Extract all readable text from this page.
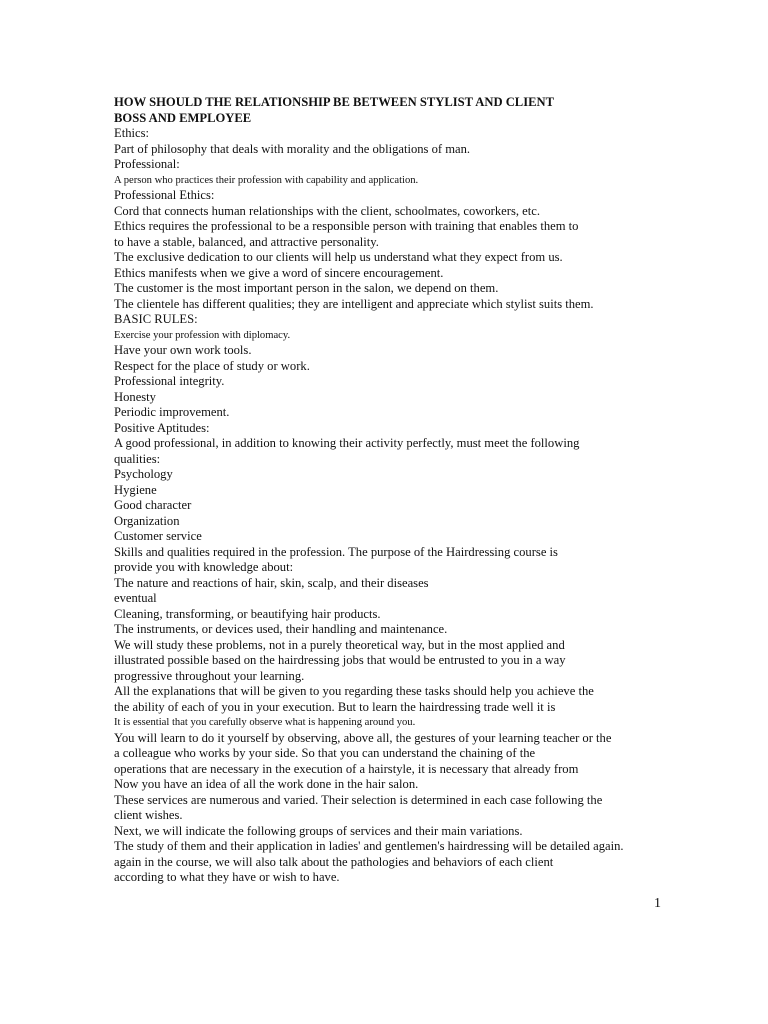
HOW SHOULD THE RELATIONSHIP BE BETWEEN STYLIST AND CLIENT
BOSS AND EMPLOYEE
Ethics:
Part of philosophy that deals with morality and the obligations of man.
Professional:
A person who practices their profession with capability and application.
Professional Ethics:
Cord that connects human relationships with the client, schoolmates, coworkers, etc.
Ethics requires the professional to be a responsible person with training that enables them to
to have a stable, balanced, and attractive personality.
The exclusive dedication to our clients will help us understand what they expect from us.
Ethics manifests when we give a word of sincere encouragement.
The customer is the most important person in the salon, we depend on them.
The clientele has different qualities; they are intelligent and appreciate which stylist suits them.
BASIC RULES:
Exercise your profession with diplomacy.
Have your own work tools.
Respect for the place of study or work.
Professional integrity.
Honesty
Periodic improvement.
Positive Aptitudes:
A good professional, in addition to knowing their activity perfectly, must meet the following
qualities:
Psychology
Hygiene
Good character
Organization
Customer service
Skills and qualities required in the profession. The purpose of the Hairdressing course is
provide you with knowledge about:
The nature and reactions of hair, skin, scalp, and their diseases
eventual
Cleaning, transforming, or beautifying hair products.
The instruments, or devices used, their handling and maintenance.
We will study these problems, not in a purely theoretical way, but in the most applied and
illustrated possible based on the hairdressing jobs that would be entrusted to you in a way
progressive throughout your learning.
All the explanations that will be given to you regarding these tasks should help you achieve the
the ability of each of you in your execution. But to learn the hairdressing trade well it is
It is essential that you carefully observe what is happening around you.
You will learn to do it yourself by observing, above all, the gestures of your learning teacher or the
a colleague who works by your side. So that you can understand the chaining of the
operations that are necessary in the execution of a hairstyle, it is necessary that already from
Now you have an idea of all the work done in the hair salon.
These services are numerous and varied. Their selection is determined in each case following the
client wishes.
Next, we will indicate the following groups of services and their main variations.
The study of them and their application in ladies' and gentlemen's hairdressing will be detailed again.
again in the course, we will also talk about the pathologies and behaviors of each client
according to what they have or wish to have.
1
